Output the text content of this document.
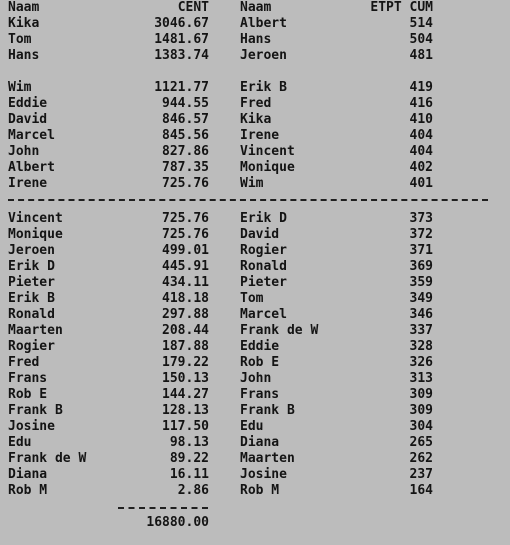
Naam	CENT Naam	ETPT CUM
Kika	3046.67 Albert	514
Tom	1481.67 Hans	504
Hans	1383.74 Jeroen	481
Wim	1121.77 Erik B	419
Eddie	944.55 Fred	416
David	846.57 Kika	410
Marcel	845.56 Irene	404
John	827.86 Vincent	404
Albert	787.35 Monique	402
Irene	725.76 Wim	401
Vincent	725.76 Erik D	373
Monique	725.76 David	372
Jeroen	499.01 Rogier	371
Erik D	445.91 Ronald	369
Pieter	434.11 Pieter	359
Erik B	418.18 Tom	349
Ronald	297.88 Marcel	346
Maarten	208.44 Frank de W	337
Rogier	187.88 Eddie	328
Fred	179.22 Rob E	326
Frans	150.13 John	313
Rob E	144.27 Frans	309
Frank B	128.13 Frank B	309
Josine	117.50 Edu	304
Edu	98.13 Diana	265
Frank de W	89.22 Maarten	262
Diana	16.11 Josine	237
Rob M	2.86 Rob M	164
16880.00
